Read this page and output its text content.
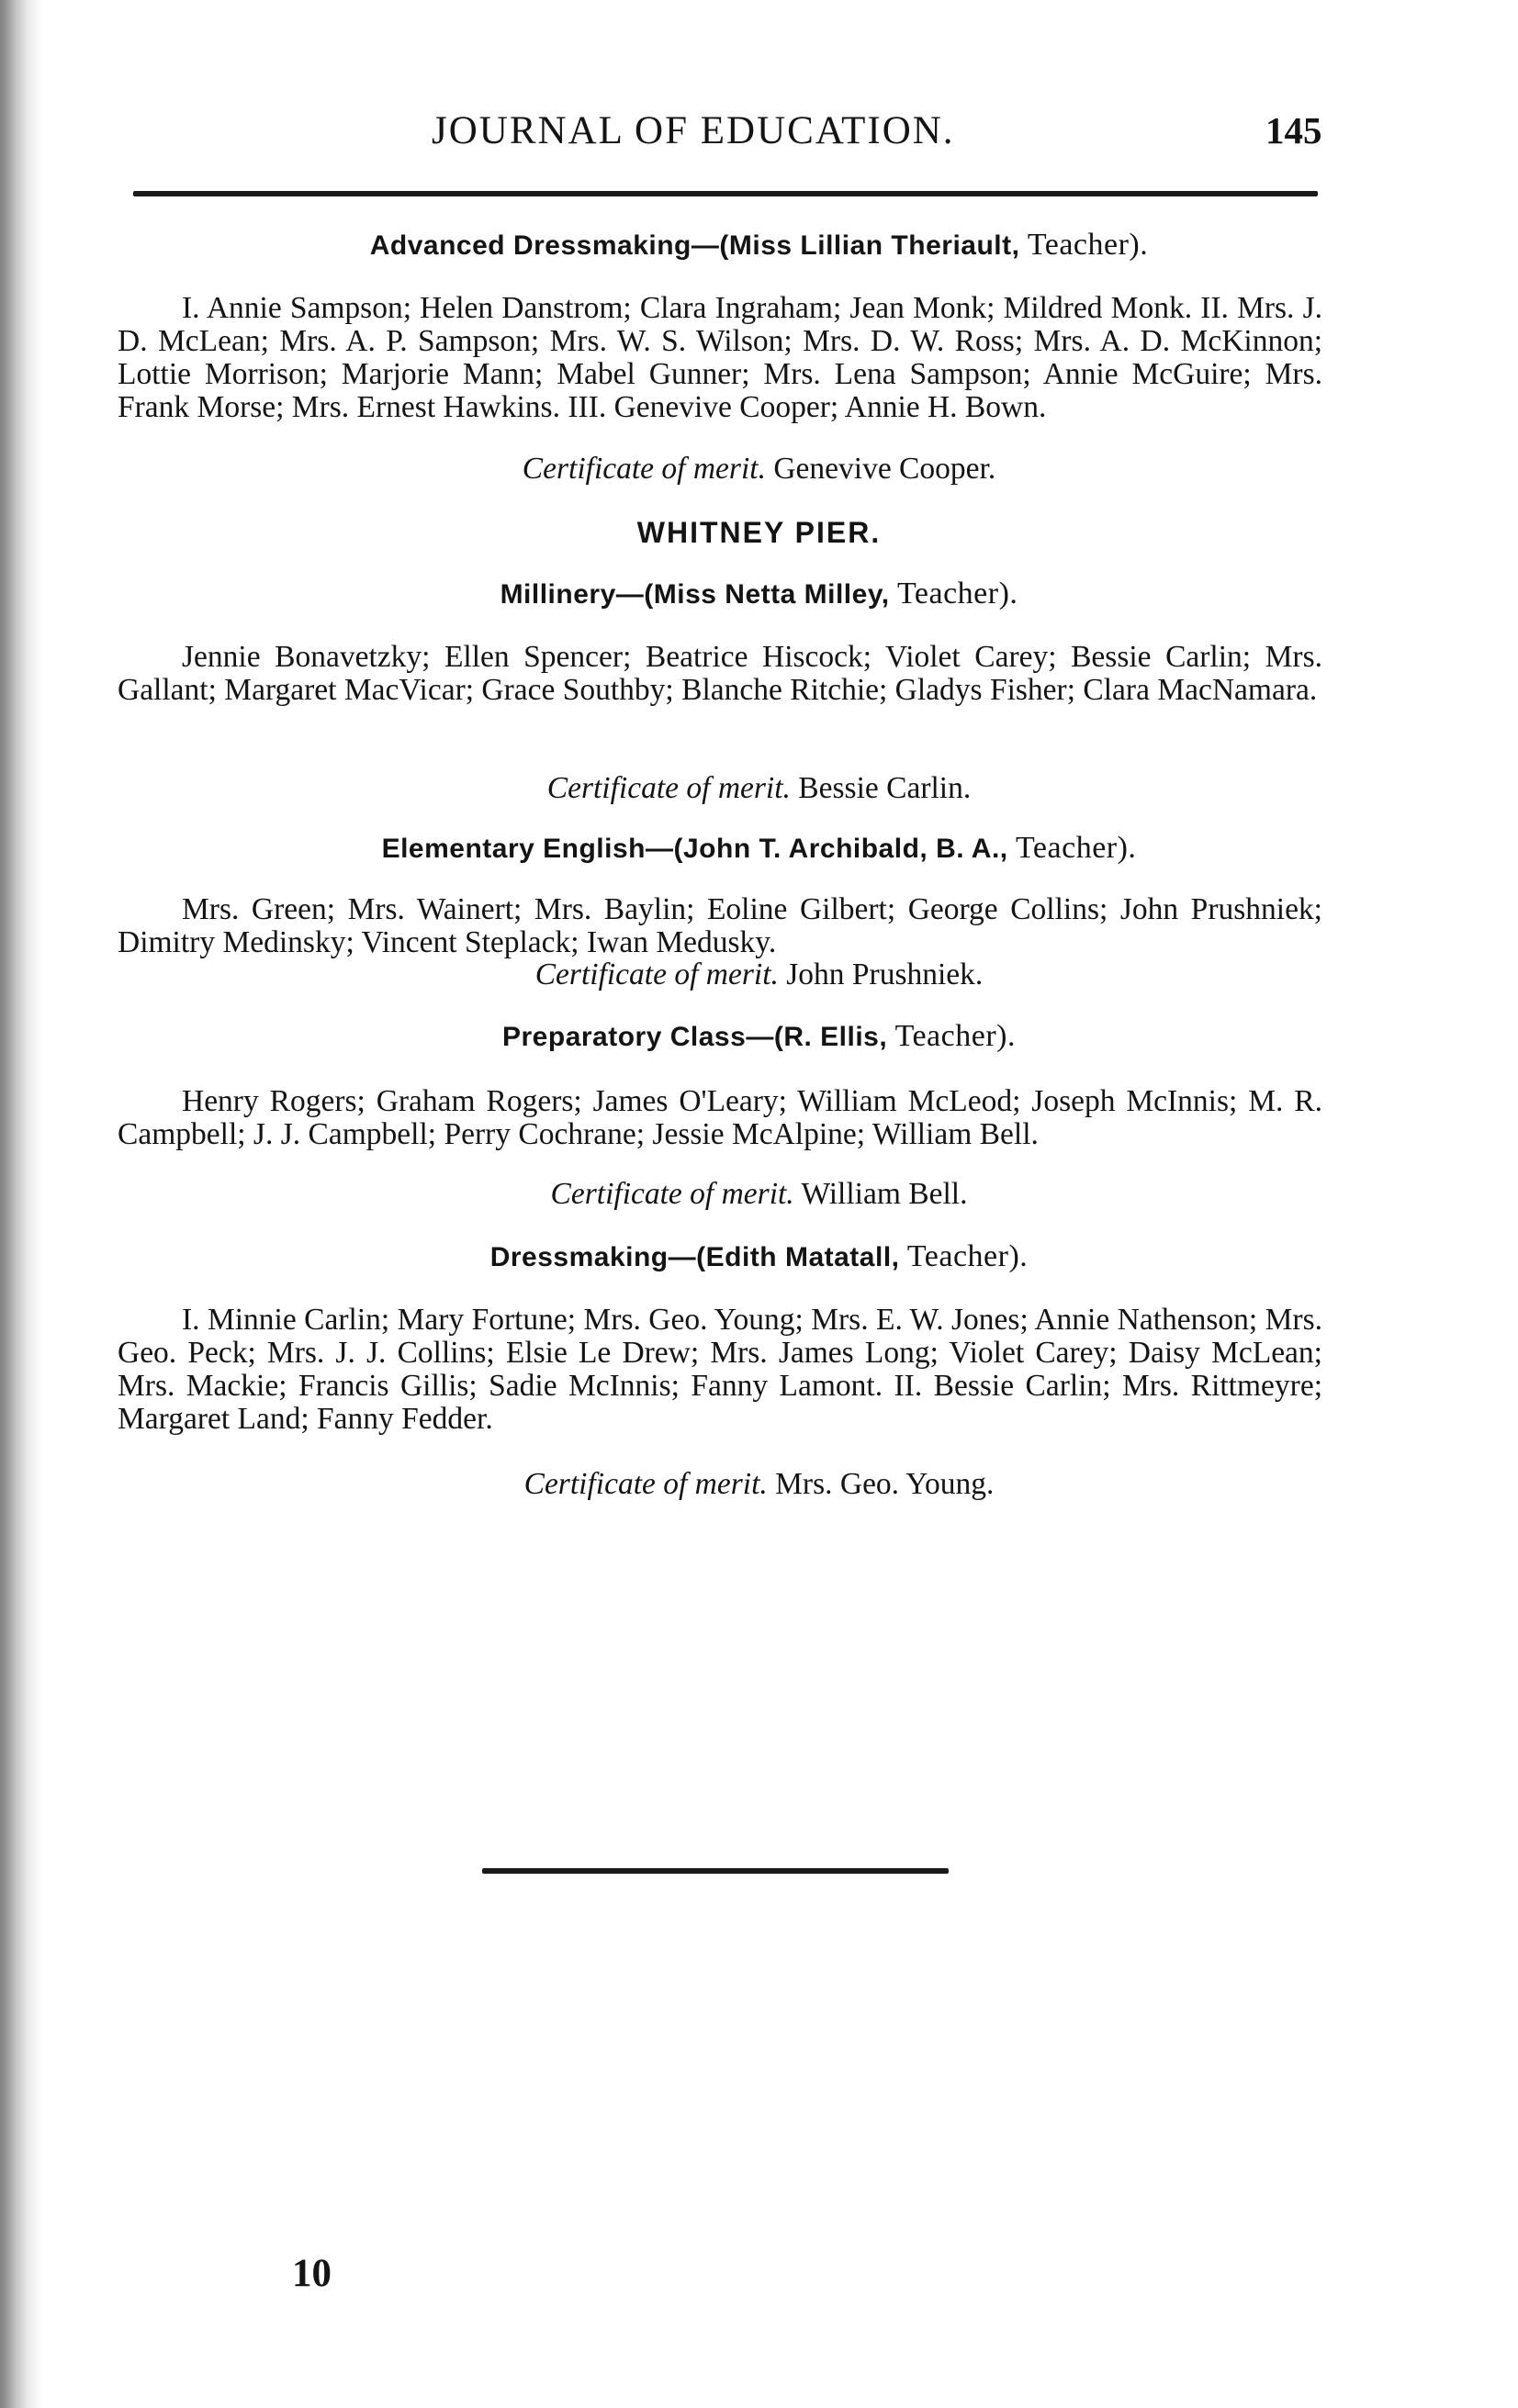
JOURNAL OF EDUCATION.	145
Advanced Dressmaking—(Miss Lillian Theriault, Teacher).
I. Annie Sampson; Helen Danstrom; Clara Ingraham; Jean Monk; Mildred Monk. II. Mrs. J. D. McLean; Mrs. A. P. Sampson; Mrs. W. S. Wilson; Mrs. D. W. Ross; Mrs. A. D. McKinnon; Lottie Morrison; Marjorie Mann; Mabel Gunner; Mrs. Lena Sampson; Annie McGuire; Mrs. Frank Morse; Mrs. Ernest Hawkins. III. Genevive Cooper; Annie H. Bown.
Certificate of merit. Genevive Cooper.
WHITNEY PIER.
Millinery—(Miss Netta Milley, Teacher).
Jennie Bonavetzky; Ellen Spencer; Beatrice Hiscock; Violet Carey; Bessie Carlin; Mrs. Gallant; Margaret MacVicar; Grace Southby; Blanche Ritchie; Gladys Fisher; Clara MacNamara.
Certificate of merit. Bessie Carlin.
Elementary English—(John T. Archibald, B. A., Teacher).
Mrs. Green; Mrs. Wainert; Mrs. Baylin; Eoline Gilbert; George Collins; John Prushniek; Dimitry Medinsky; Vincent Steplack; Iwan Medusky.
Certificate of merit. John Prushniek.
Preparatory Class—(R. Ellis, Teacher).
Henry Rogers; Graham Rogers; James O'Leary; William McLeod; Joseph McInnis; M. R. Campbell; J. J. Campbell; Perry Cochrane; Jessie McAlpine; William Bell.
Certificate of merit. William Bell.
Dressmaking—(Edith Matatall, Teacher).
I. Minnie Carlin; Mary Fortune; Mrs. Geo. Young; Mrs. E. W. Jones; Annie Nathenson; Mrs. Geo. Peck; Mrs. J. J. Collins; Elsie Le Drew; Mrs. James Long; Violet Carey; Daisy McLean; Mrs. Mackie; Francis Gillis; Sadie McInnis; Fanny Lamont. II. Bessie Carlin; Mrs. Rittmeyre; Margaret Land; Fanny Fedder.
Certificate of merit. Mrs. Geo. Young.
10
